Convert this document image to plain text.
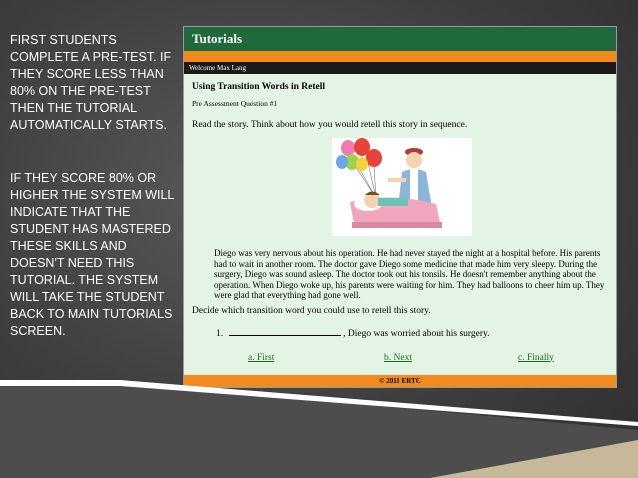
FIRST STUDENTS COMPLETE A PRE-TEST. IF THEY SCORE LESS THAN 80% ON THE PRE-TEST THEN THE TUTORIAL AUTOMATICALLY STARTS.

IF THEY SCORE 80% OR HIGHER THE SYSTEM WILL INDICATE THAT THE STUDENT HAS MASTERED THESE SKILLS AND DOESN'T NEED THIS TUTORIAL. THE SYSTEM WILL TAKE THE STUDENT BACK TO MAIN TUTORIALS SCREEN.

Tutorials
Welcome Max Lang
Using Transition Words in Retell
Pre Assessment Question #1
Read the story. Think about how you would retell this story in sequence.
Diego was very nervous about his operation. He had never stayed the night at a hospital before. His parents had to wait in another room. The doctor gave Diego some medicine that made him very sleepy. During the surgery, Diego was sound asleep. The doctor took out his tonsils. He doesn't remember anything about the operation. When Diego woke up, his parents were waiting for him. They had balloons to cheer him up. They were glad that everything had gone well.
Decide which transition word you could use to retell this story.
1.	, Diego was worried about his surgery.
a. First	b. Next	c. Finally
© 2011 ERTC
